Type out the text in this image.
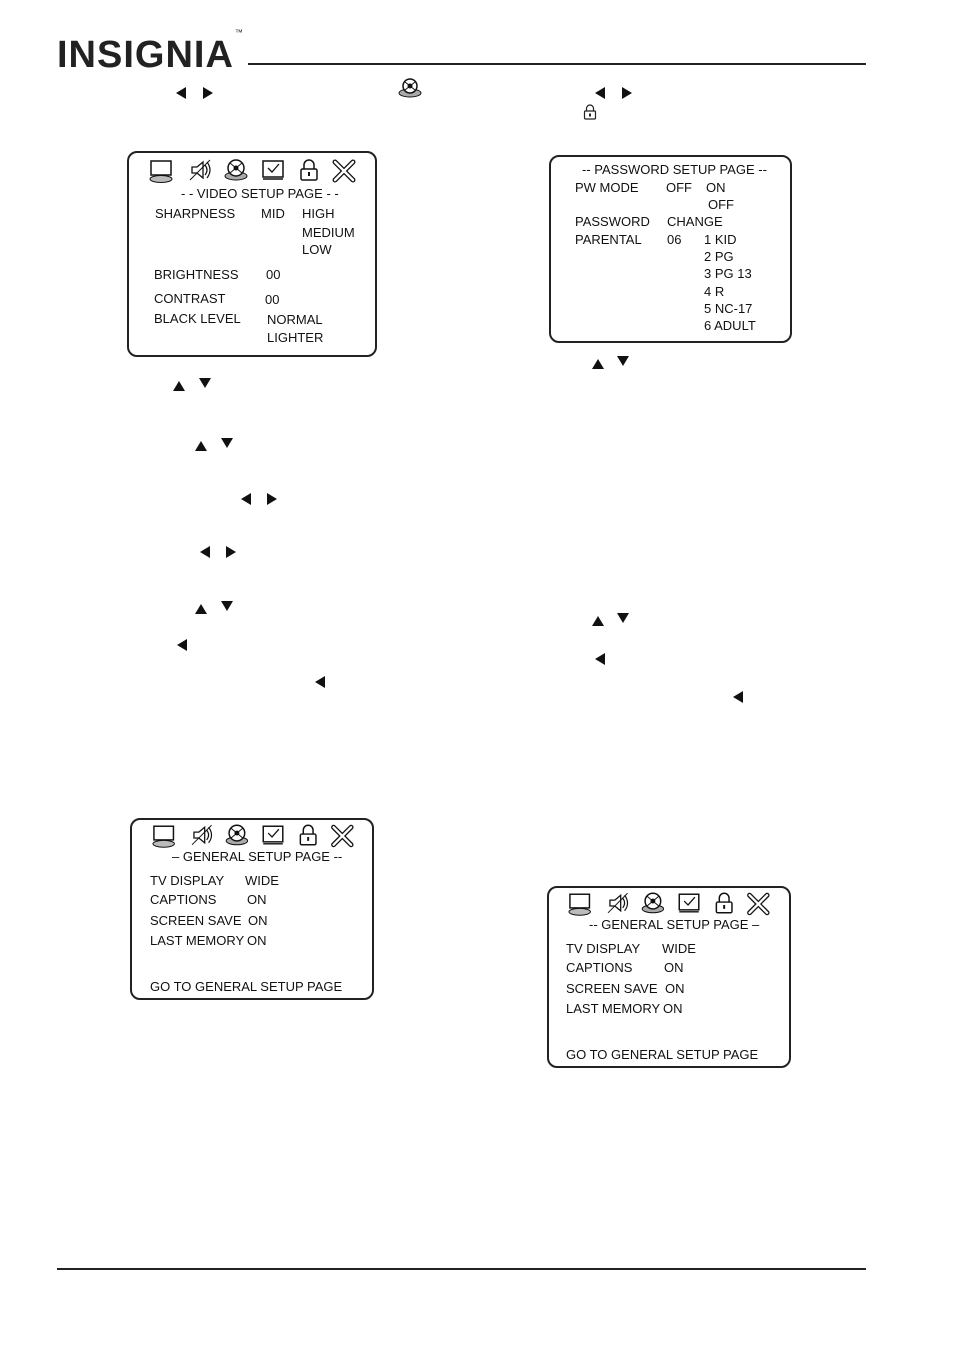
INSIGNIA™
- - VIDEO SETUP PAGE - -
SHARPNESS MID HIGH
MEDIUM
LOW
BRIGHTNESS 00
CONTRAST	00
BLACK LEVEL NORMAL
LIGHTER
-- PASSWORD SETUP PAGE --
PW MODE OFF ON
OFF
PASSWORD CHANGE
PARENTAL 06 1 KID
2 PG
3 PG 13
4 R
5 NC-17
6 ADULT
– GENERAL SETUP PAGE --
TV DISPLAY WIDE
CAPTIONS ON
SCREEN SAVE ON
LAST MEMORY ON
GO TO GENERAL SETUP PAGE
-- GENERAL SETUP PAGE –
TV DISPLAY WIDE
CAPTIONS ON
SCREEN SAVE ON
LAST MEMORY ON
GO TO GENERAL SETUP PAGE
